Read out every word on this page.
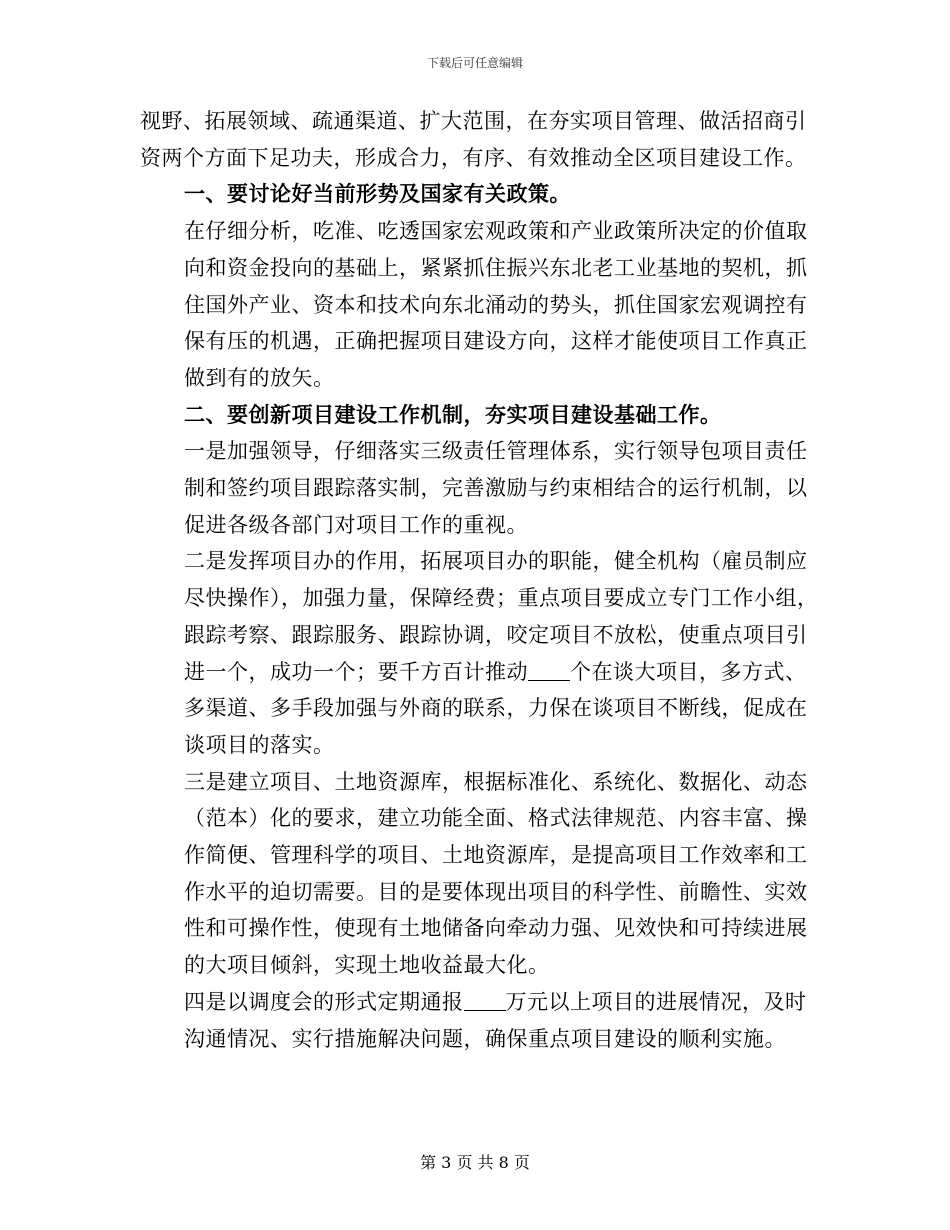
下载后可任意编辑

视野、拓展领域、疏通渠道、扩大范围，在夯实项目管理、做活招商引资两个方面下足功夫，形成合力，有序、有效推动全区项目建设工作。

一、要讨论好当前形势及国家有关政策。

在仔细分析，吃准、吃透国家宏观政策和产业政策所决定的价值取向和资金投向的基础上，紧紧抓住振兴东北老工业基地的契机，抓住国外产业、资本和技术向东北涌动的势头，抓住国家宏观调控有保有压的机遇，正确把握项目建设方向，这样才能使项目工作真正做到有的放矢。

二、要创新项目建设工作机制，夯实项目建设基础工作。

一是加强领导，仔细落实三级责任管理体系，实行领导包项目责任制和签约项目跟踪落实制，完善激励与约束相结合的运行机制，以促进各级各部门对项目工作的重视。

二是发挥项目办的作用，拓展项目办的职能，健全机构（雇员制应尽快操作），加强力量，保障经费；重点项目要成立专门工作小组，跟踪考察、跟踪服务、跟踪协调，咬定项目不放松，使重点项目引进一个，成功一个；要千方百计推动 个在谈大项目，多方式、多渠道、多手段加强与外商的联系，力保在谈项目不断线，促成在谈项目的落实。

三是建立项目、土地资源库，根据标准化、系统化、数据化、动态（范本）化的要求，建立功能全面、格式法律规范、内容丰富、操作简便、管理科学的项目、土地资源库，是提高项目工作效率和工作水平的迫切需要。目的是要体现出项目的科学性、前瞻性、实效性和可操作性，使现有土地储备向牵动力强、见效快和可持续进展的大项目倾斜，实现土地收益最大化。

四是以调度会的形式定期通报 万元以上项目的进展情况，及时沟通情况、实行措施解决问题，确保重点项目建设的顺利实施。

第 3 页 共 8 页
